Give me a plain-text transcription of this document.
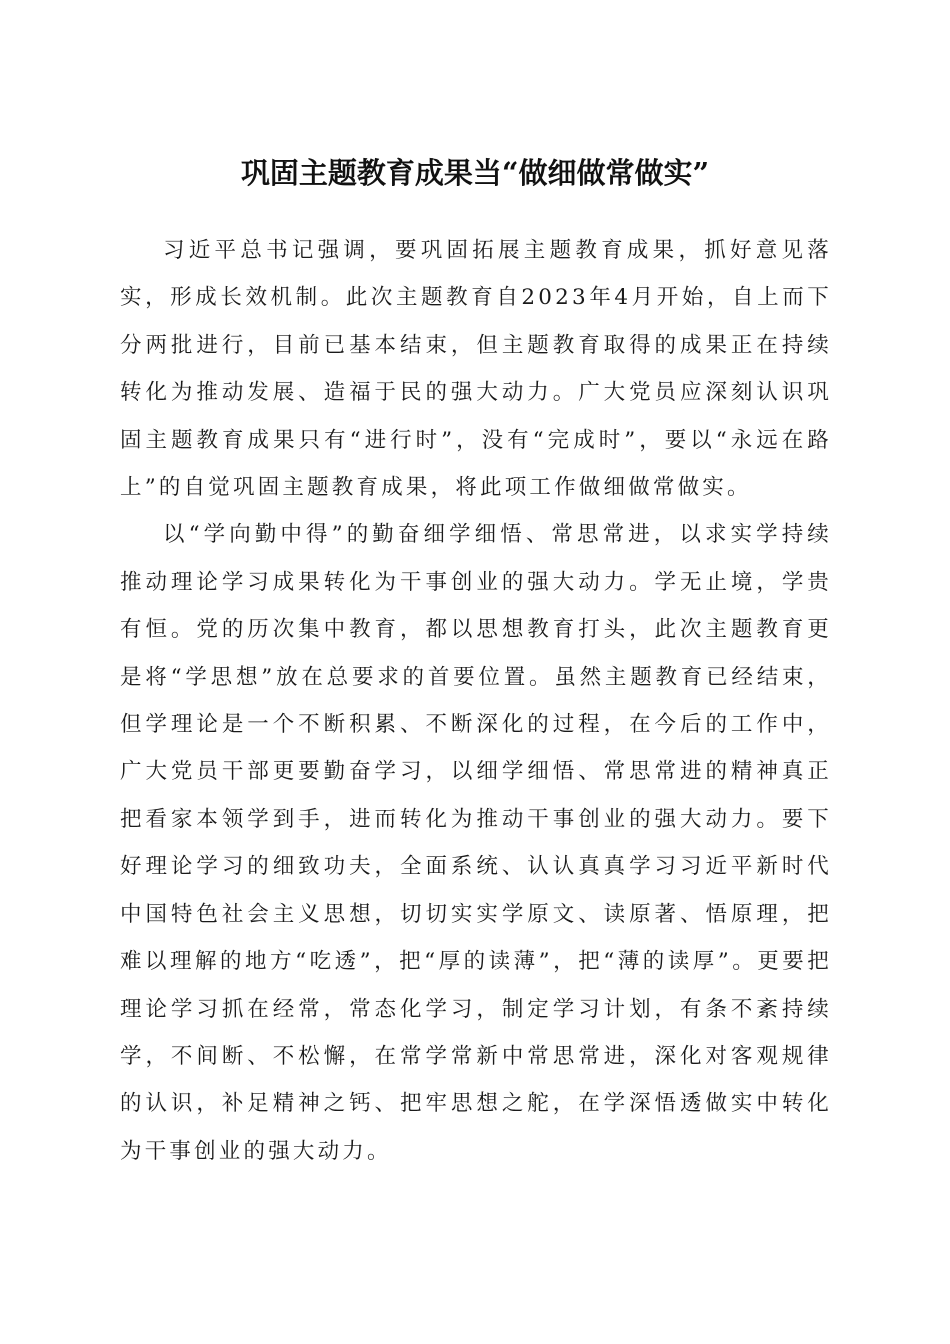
巩固主题教育成果当“做细做常做实”

习近平总书记强调，要巩固拓展主题教育成果，抓好意见落实，形成长效机制。此次主题教育自2023年4月开始，自上而下分两批进行，目前已基本结束，但主题教育取得的成果正在持续转化为推动发展、造福于民的强大动力。广大党员应深刻认识巩固主题教育成果只有“进行时”，没有“完成时”，要以“永远在路上”的自觉巩固主题教育成果，将此项工作做细做常做实。

以“学向勤中得”的勤奋细学细悟、常思常进，以求实学持续推动理论学习成果转化为干事创业的强大动力。学无止境，学贵有恒。党的历次集中教育，都以思想教育打头，此次主题教育更是将“学思想”放在总要求的首要位置。虽然主题教育已经结束，但学理论是一个不断积累、不断深化的过程，在今后的工作中，广大党员干部更要勤奋学习，以细学细悟、常思常进的精神真正把看家本领学到手，进而转化为推动干事创业的强大动力。要下好理论学习的细致功夫，全面系统、认认真真学习习近平新时代中国特色社会主义思想，切切实实学原文、读原著、悟原理，把难以理解的地方“吃透”，把“厚的读薄”，把“薄的读厚”。更要把理论学习抓在经常，常态化学习，制定学习计划，有条不紊持续学，不间断、不松懈，在常学常新中常思常进，深化对客观规律的认识，补足精神之钙、把牢思想之舵，在学深悟透做实中转化为干事创业的强大动力。
